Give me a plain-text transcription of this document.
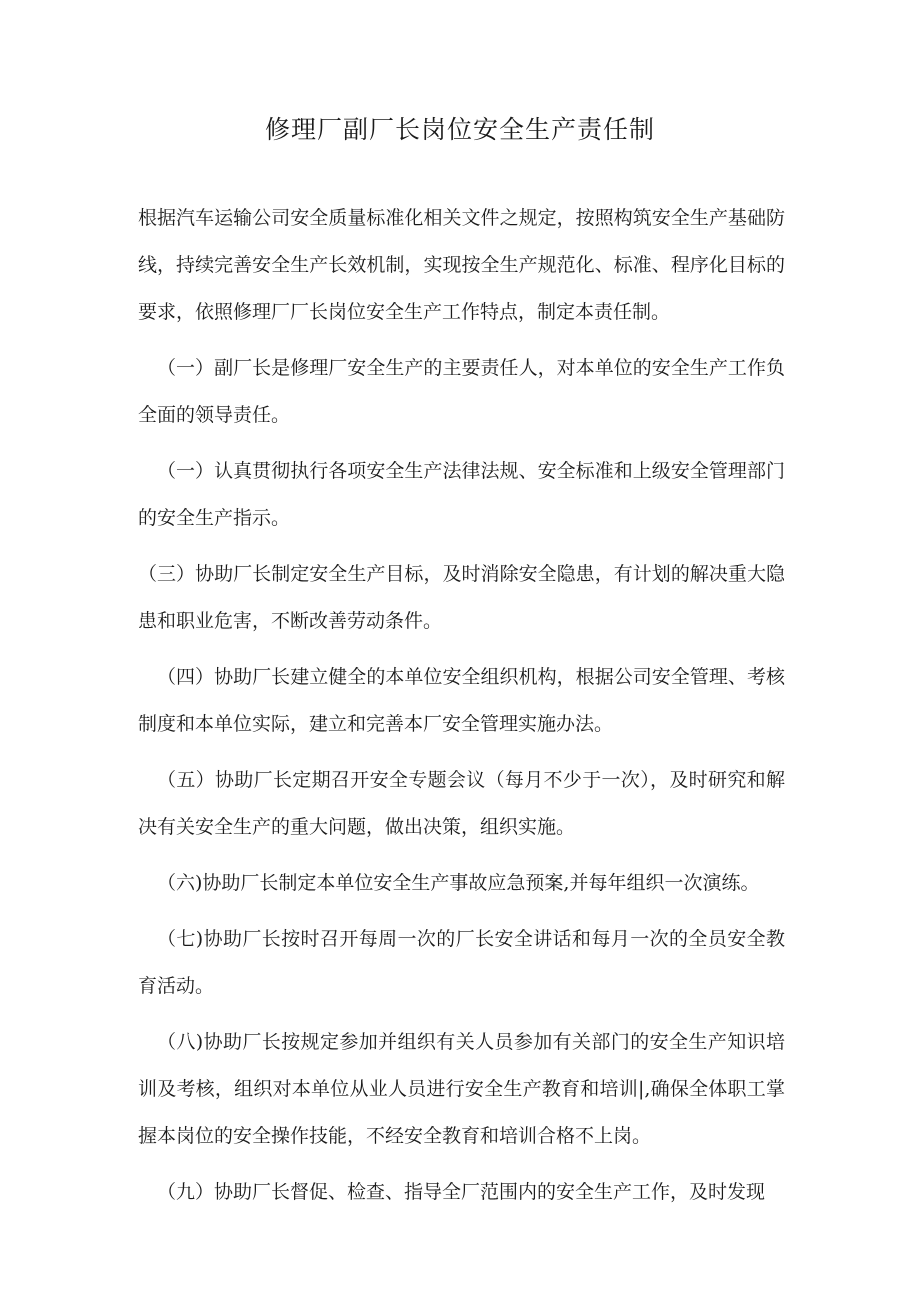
修理厂副厂长岗位安全生产责任制

根据汽车运输公司安全质量标准化相关文件之规定，按照构筑安全生产基础防线，持续完善安全生产长效机制，实现按全生产规范化、标准、程序化目标的要求，依照修理厂厂长岗位安全生产工作特点，制定本责任制。

（一）副厂长是修理厂安全生产的主要责任人，对本单位的安全生产工作负全面的领导责任。

（一）认真贯彻执行各项安全生产法律法规、安全标准和上级安全管理部门的安全生产指示。

（三）协助厂长制定安全生产目标，及时消除安全隐患，有计划的解决重大隐患和职业危害，不断改善劳动条件。

（四）协助厂长建立健全的本单位安全组织机构，根据公司安全管理、考核制度和本单位实际，建立和完善本厂安全管理实施办法。

（五）协助厂长定期召开安全专题会议（每月不少于一次），及时研究和解决有关安全生产的重大问题，做出决策，组织实施。

（六)协助厂长制定本单位安全生产事故应急预案,并每年组织一次演练。

（七)协助厂长按时召开每周一次的厂长安全讲话和每月一次的全员安全教育活动。

（八)协助厂长按规定参加并组织有关人员参加有关部门的安全生产知识培训及考核，组织对本单位从业人员进行安全生产教育和培训|,确保全体职工掌握本岗位的安全操作技能，不经安全教育和培训合格不上岗。

（九）协助厂长督促、检查、指导全厂范围内的安全生产工作，及时发现
